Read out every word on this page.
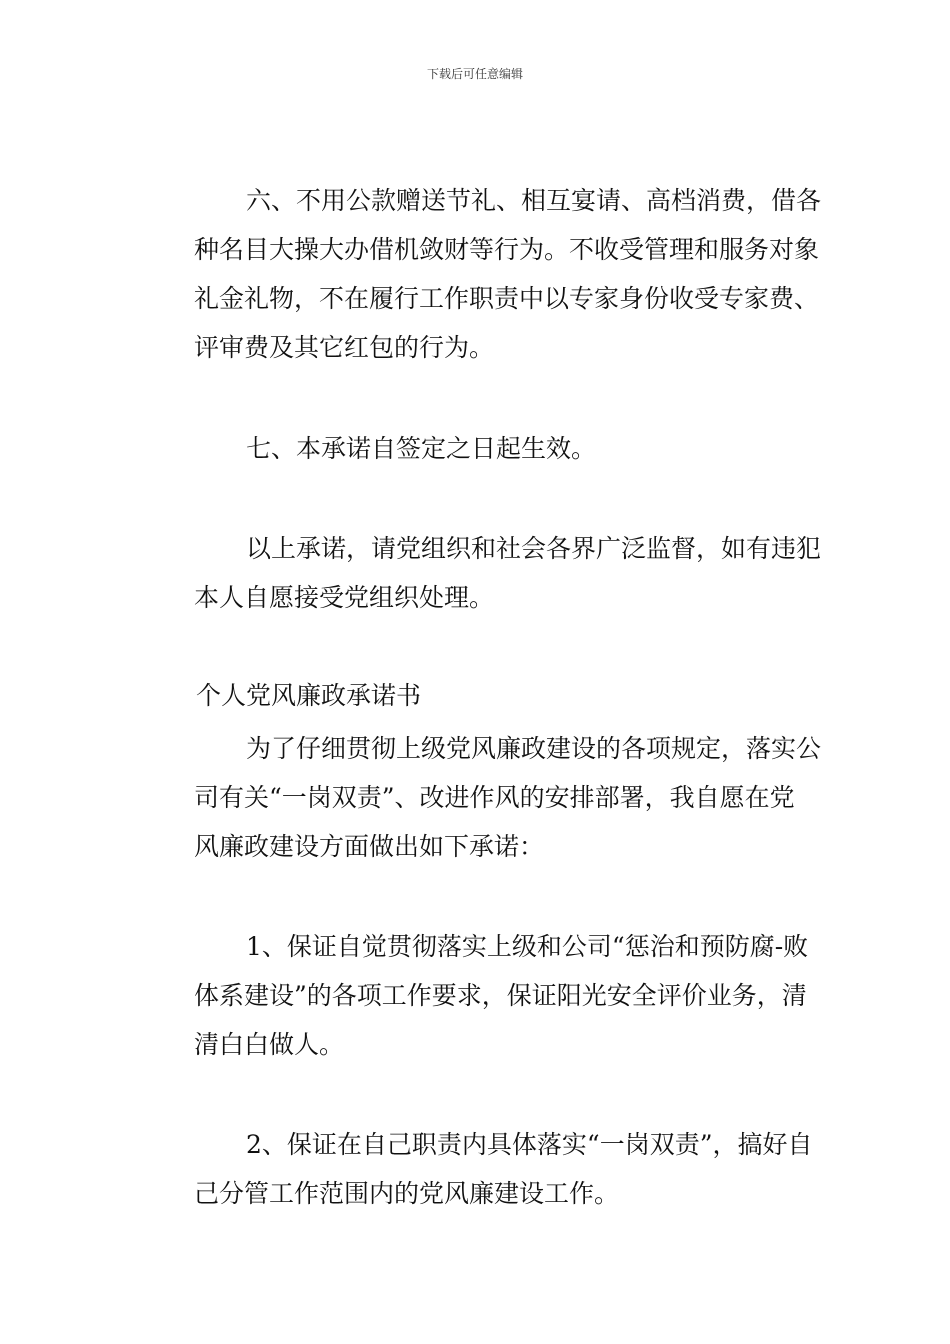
下载后可任意编辑
六、不用公款赠送节礼、相互宴请、高档消费，借各
种名目大操大办借机敛财等行为。不收受管理和服务对象
礼金礼物，不在履行工作职责中以专家身份收受专家费、
评审费及其它红包的行为。
七、本承诺自签定之日起生效。
以上承诺，请党组织和社会各界广泛监督，如有违犯
本人自愿接受党组织处理。
个人党风廉政承诺书
为了仔细贯彻上级党风廉政建设的各项规定，落实公
司有关“一岗双责”、改进作风的安排部署，我自愿在党
风廉政建设方面做出如下承诺：
1、保证自觉贯彻落实上级和公司“惩治和预防腐-败
体系建设”的各项工作要求，保证阳光安全评价业务，清
清白白做人。
2、保证在自己职责内具体落实“一岗双责”，搞好自
己分管工作范围内的党风廉建设工作。
